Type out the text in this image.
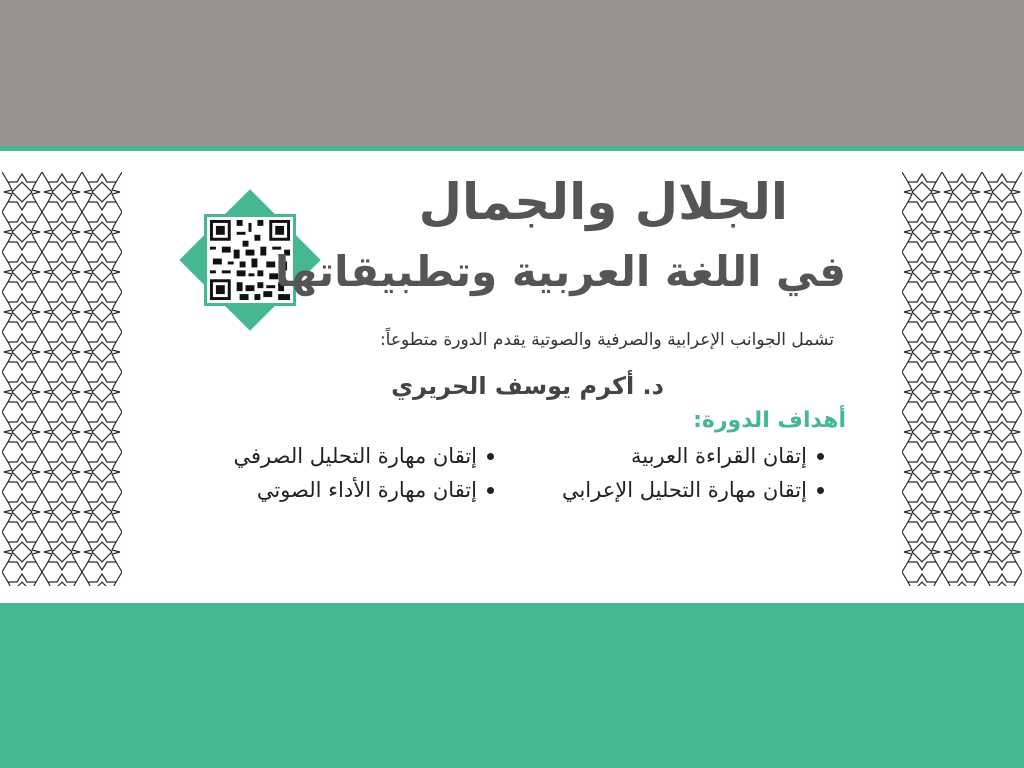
الجلال والجمال
في اللغة العربية وتطبيقاتها
تشمل الجوانب الإعرابية والصرفية والصوتية يقدم الدورة متطوعاً:
د. أكرم يوسف الحريري
أهداف الدورة:
إتقان القراءة العربية
إتقان مهارة التحليل الإعرابي
إتقان مهارة التحليل الصرفي
إتقان مهارة الأداء الصوتي
